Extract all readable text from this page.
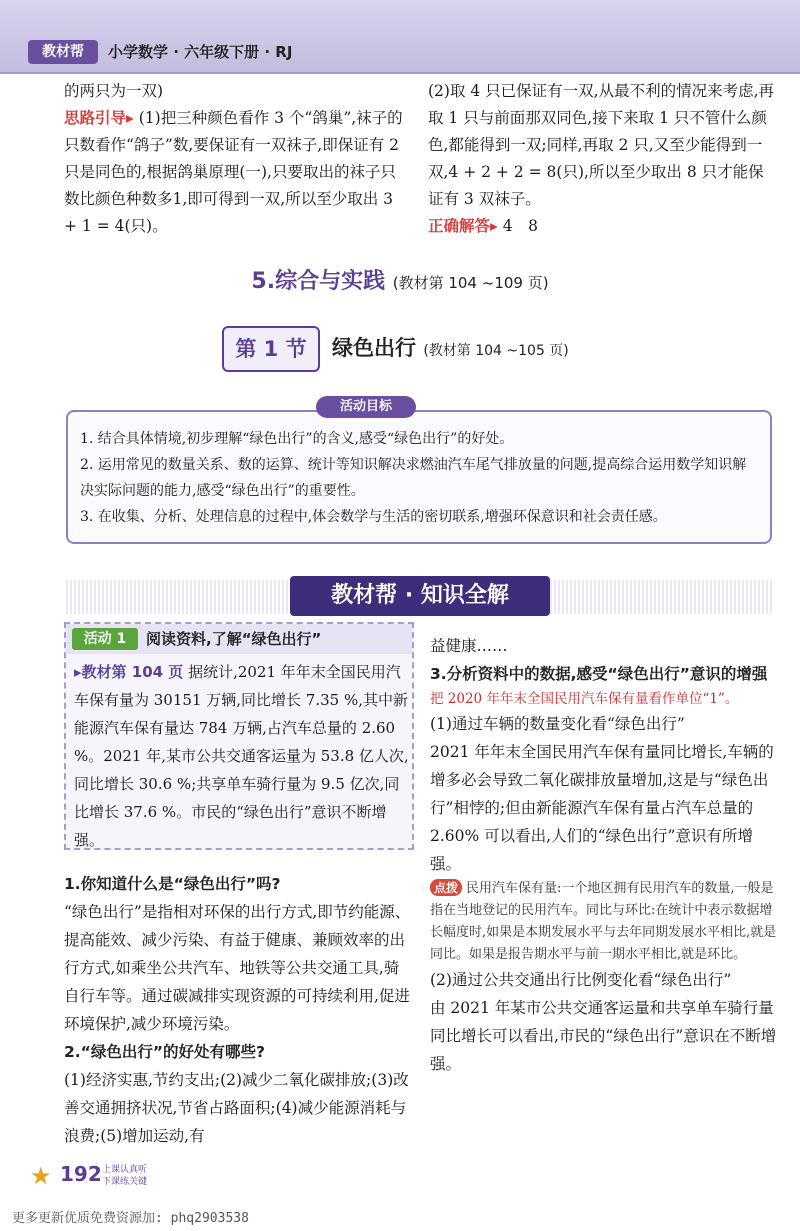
教材帮	小学数学 · 六年级下册 · RJ
的两只为一双)
思路引导▸ (1)把三种颜色看作 3 个“鸽巢”,袜子的只数看作“鸽子”数,要保证有一双袜子,即保证有 2 只是同色的,根据鸽巢原理(一),只要取出的袜子只数比颜色种数多1,即可得到一双,所以至少取出 3 + 1 = 4(只)。
(2)取 4 只已保证有一双,从最不利的情况来考虑,再取 1 只与前面那双同色,接下来取 1 只不管什么颜色,都能得到一双;同样,再取 2 只,又至少能得到一双,4 + 2 + 2 = 8(只),所以至少取出 8 只才能保证有 3 双袜子。
正确解答▸ 4　8
5.综合与实践 (教材第 104 ~109 页)
第 1 节	绿色出行 (教材第 104 ~105 页)

1. 结合具体情境,初步理解“绿色出行”的含义,感受“绿色出行”的好处。

2. 运用常见的数量关系、数的运算、统计等知识解决求燃油汽车尾气排放量的问题,提高综合运用数学知识解决实际问题的能力,感受“绿色出行”的重要性。

3. 在收集、分析、处理信息的过程中,体会数学与生活的密切联系,增强环保意识和社会责任感。

活动目标
教材帮 · 知识全解
活动 1	阅读资料,了解“绿色出行”
▸教材第 104 页 据统计,2021 年年末全国民用汽车保有量为 30151 万辆,同比增长 7.35 %,其中新能源汽车保有量达 784 万辆,占汽车总量的 2.60 %。2021 年,某市公共交通客运量为 53.8 亿人次,同比增长 30.6 %;共享单车骑行量为 9.5 亿次,同比增长 37.6 %。市民的“绿色出行”意识不断增强。
1.你知道什么是“绿色出行”吗?
“绿色出行”是指相对环保的出行方式,即节约能源、提高能效、减少污染、有益于健康、兼顾效率的出行方式,如乘坐公共汽车、地铁等公共交通工具,骑自行车等。通过碳减排实现资源的可持续利用,促进环境保护,减少环境污染。
2.“绿色出行”的好处有哪些?
(1)经济实惠,节约支出;(2)减少二氧化碳排放;(3)改善交通拥挤状况,节省占路面积;(4)减少能源消耗与浪费;(5)增加运动,有
益健康……
3.分析资料中的数据,感受“绿色出行”意识的增强
把 2020 年年末全国民用汽车保有量看作单位“1”。
(1)通过车辆的数量变化看“绿色出行”
2021 年年末全国民用汽车保有量同比增长,车辆的增多必会导致二氧化碳排放量增加,这是与“绿色出行”相悖的;但由新能源汽车保有量占汽车总量的 2.60% 可以看出,人们的“绿色出行”意识有所增强。
点拨 民用汽车保有量:一个地区拥有民用汽车的数量,一般是指在当地登记的民用汽车。同比与环比:在统计中表示数据增长幅度时,如果是本期发展水平与去年同期发展水平相比,就是同比。如果是报告期水平与前一期水平相比,就是环比。
(2)通过公共交通出行比例变化看“绿色出行”
由 2021 年某市公共交通客运量和共享单车骑行量同比增长可以看出,市民的“绿色出行”意识在不断增强。
★ 192 上课认真听
下课练关键
更多更新优质免费资源加: phq2903538
